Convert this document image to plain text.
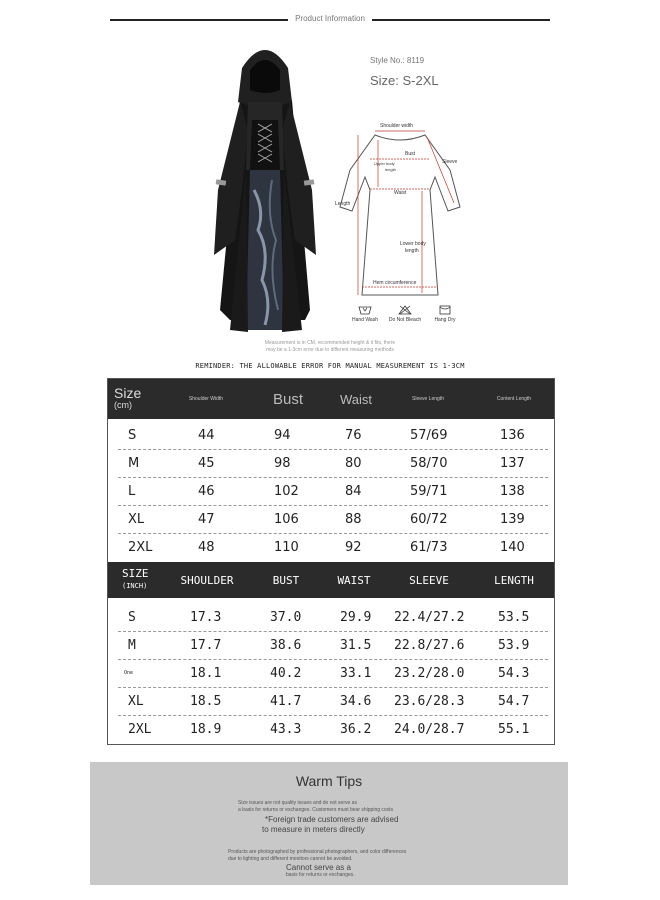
Product Information
Style No.: 8119
Size: S-2XL
Shoulder width
Bust
Sleeve
Upper body
length
Waist
Length
Lower body
length
Hem circumference
Hand Wash	Do Not Bleach	Hang Dry
Measurement is in CM, recommended height & it fits, there
may be a 1-3cm error due to different measuring methods
REMINDER: THE ALLOWABLE ERROR FOR MANUAL MEASUREMENT IS 1-3CM
Size
(cm)
Shoulder Width	Bust	Waist	Sleeve Length	Content Length
S	44	94	76	57/69	136
M	45	98	80	58/70	137
L	46	102	84	59/71	138
XL	47	106	88	60/72	139
2XL	48	110	92	61/73	140
SIZE
(INCH)	SHOULDER	BUST	WAIST	SLEEVE	LENGTH
S	17.3	37.0	29.9 22.4/27.2	53.5
M	17.7	38.6	31.5 22.8/27.6	53.9
One	18.1	40.2	33.1 23.2/28.0	54.3
XL	18.5	41.7	34.6 23.6/28.3	54.7
2XL	18.9	43.3	36.2 24.0/28.7	55.1
Warm Tips
Size issues are not quality issues and do not serve as
a basis for returns or exchanges. Customers must bear shipping costs
*Foreign trade customers are advised
to measure in meters directly
Products are photographed by professional photographers, and color differences
due to lighting and different monitors cannot be avoided.
Cannot serve as a
basis for returns or exchanges.
